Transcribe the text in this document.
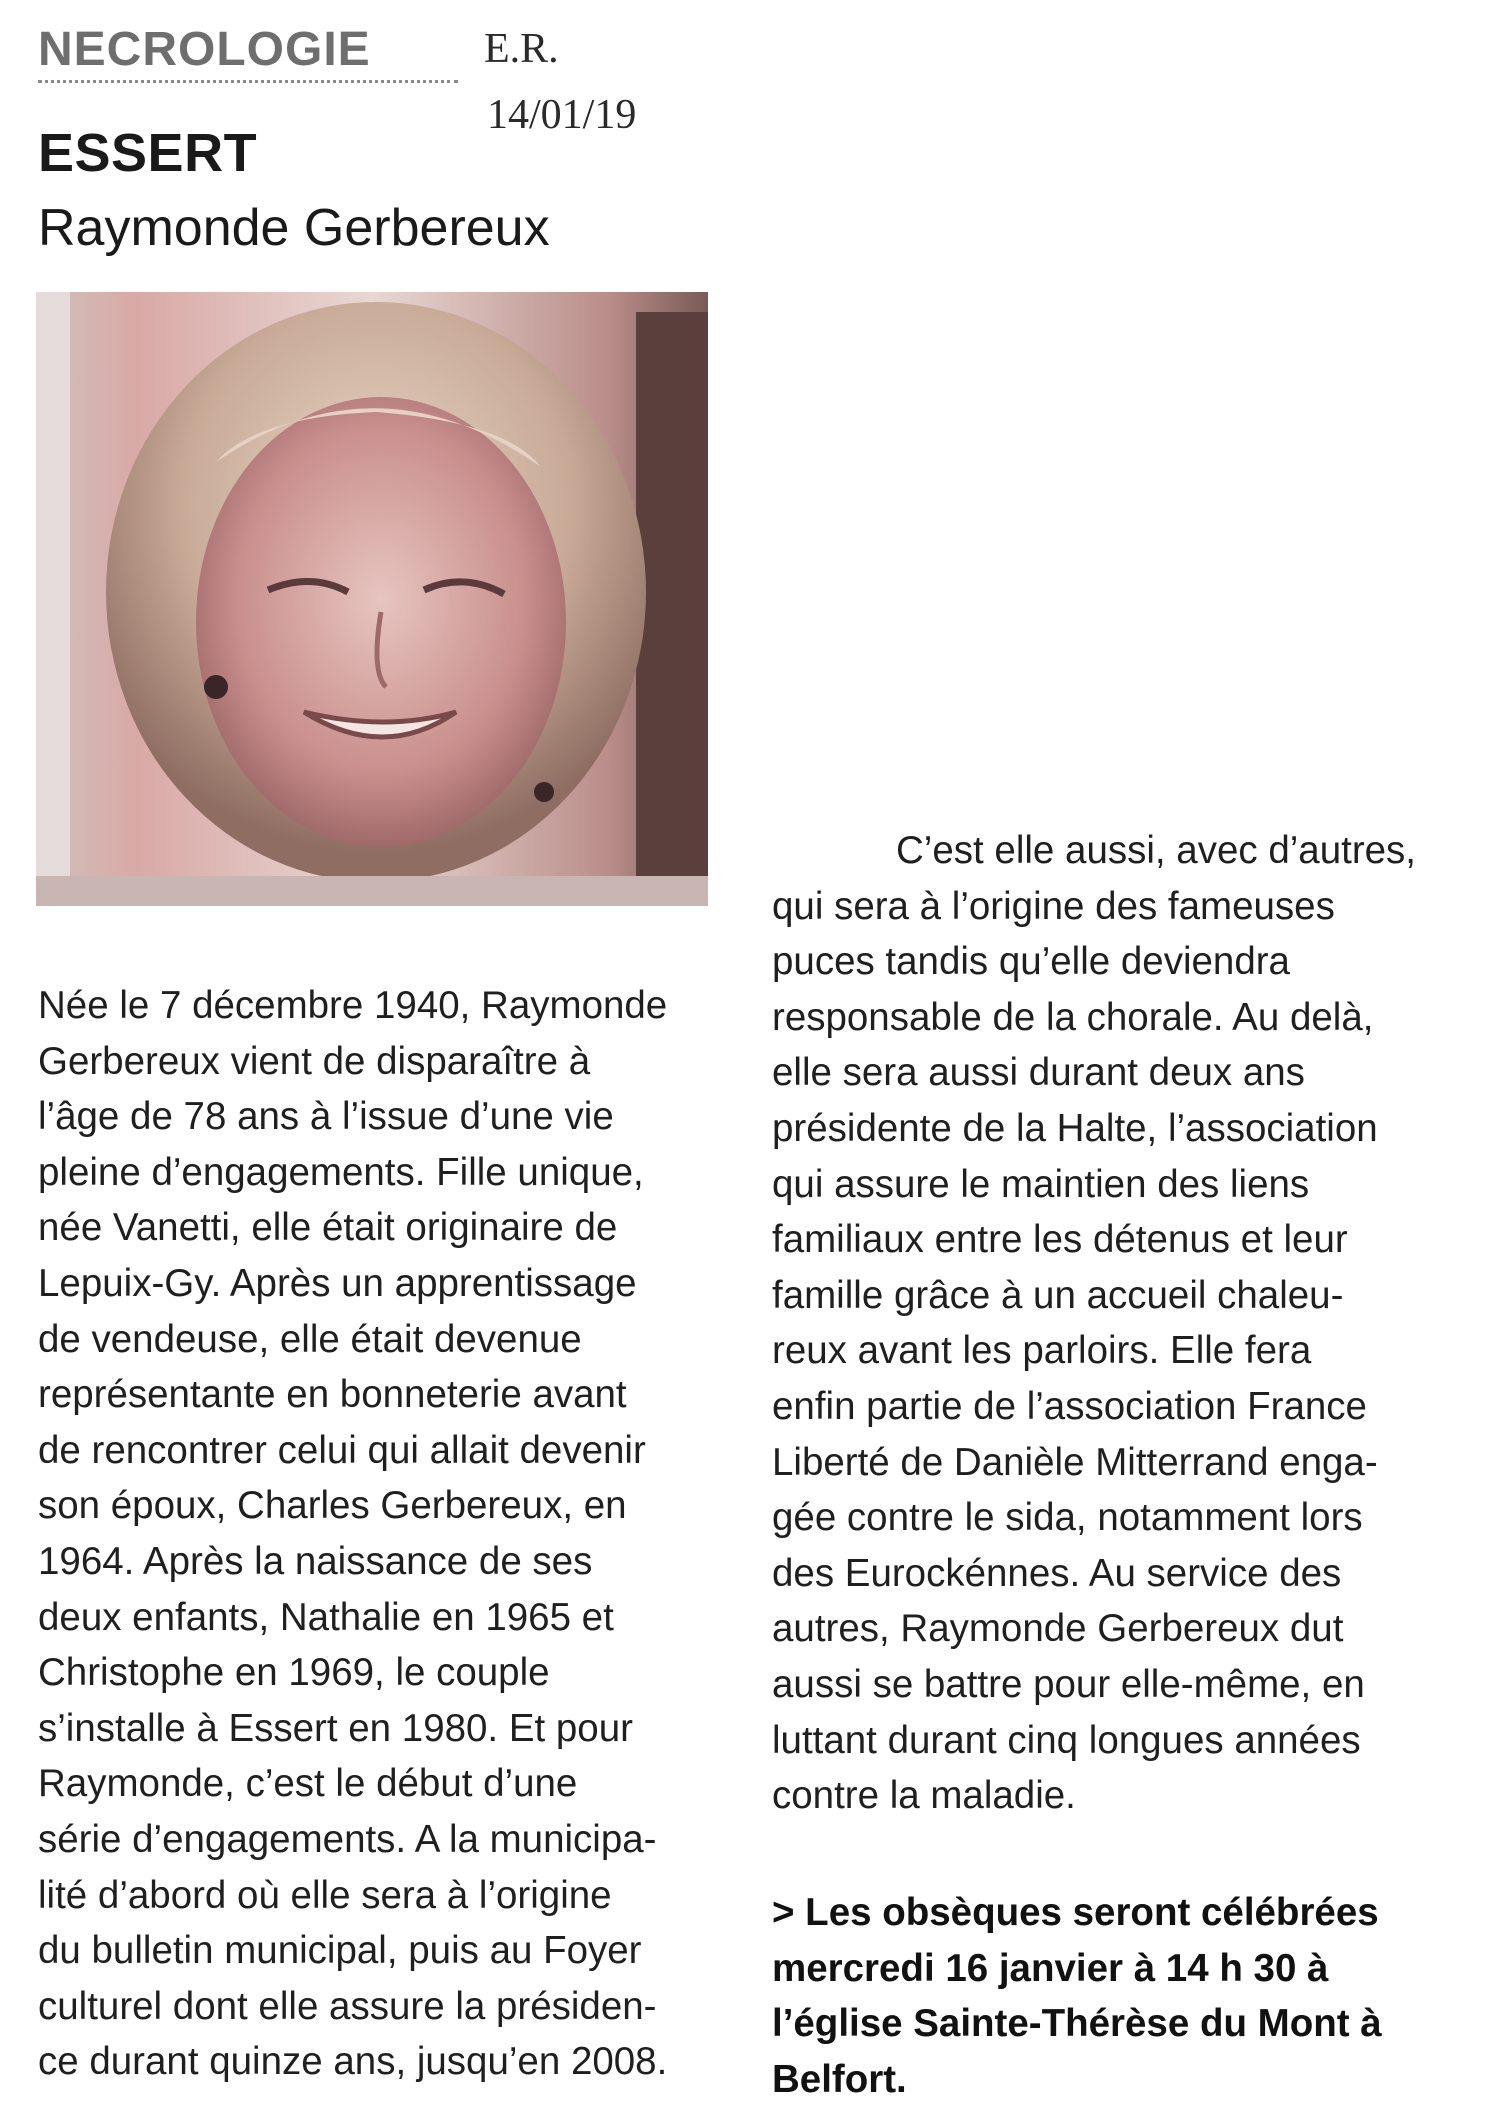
NECROLOGIE	E.R.

14/01/19

ESSERT
Raymonde Gerbereux
Née le 7 décembre 1940, Raymonde
Gerbereux vient de disparaître à
l’âge de 78 ans à l’issue d’une vie
pleine d’engagements. Fille unique,
née Vanetti, elle était originaire de
Lepuix-Gy. Après un apprentissage
de vendeuse, elle était devenue
représentante en bonneterie avant
de rencontrer celui qui allait devenir
son époux, Charles Gerbereux, en
1964. Après la naissance de ses
deux enfants, Nathalie en 1965 et
Christophe en 1969, le couple
s’installe à Essert en 1980. Et pour
Raymonde, c’est le début d’une
série d’engagements. A la municipa-
lité d’abord où elle sera à l’origine
du bulletin municipal, puis au Foyer
culturel dont elle assure la présiden-
ce durant quinze ans, jusqu’en 2008.
C’est elle aussi, avec d’autres,
qui sera à l’origine des fameuses
puces tandis qu’elle deviendra
responsable de la chorale. Au delà,
elle sera aussi durant deux ans
présidente de la Halte, l’association
qui assure le maintien des liens
familiaux entre les détenus et leur
famille grâce à un accueil chaleu-
reux avant les parloirs. Elle fera
enfin partie de l’association France
Liberté de Danièle Mitterrand enga-
gée contre le sida, notamment lors
des Eurockénnes. Au service des
autres, Raymonde Gerbereux dut
aussi se battre pour elle-même, en
luttant durant cinq longues années
contre la maladie.
> Les obsèques seront célébrées
mercredi 16 janvier à 14 h 30 à
l’église Sainte-Thérèse du Mont à
Belfort.
